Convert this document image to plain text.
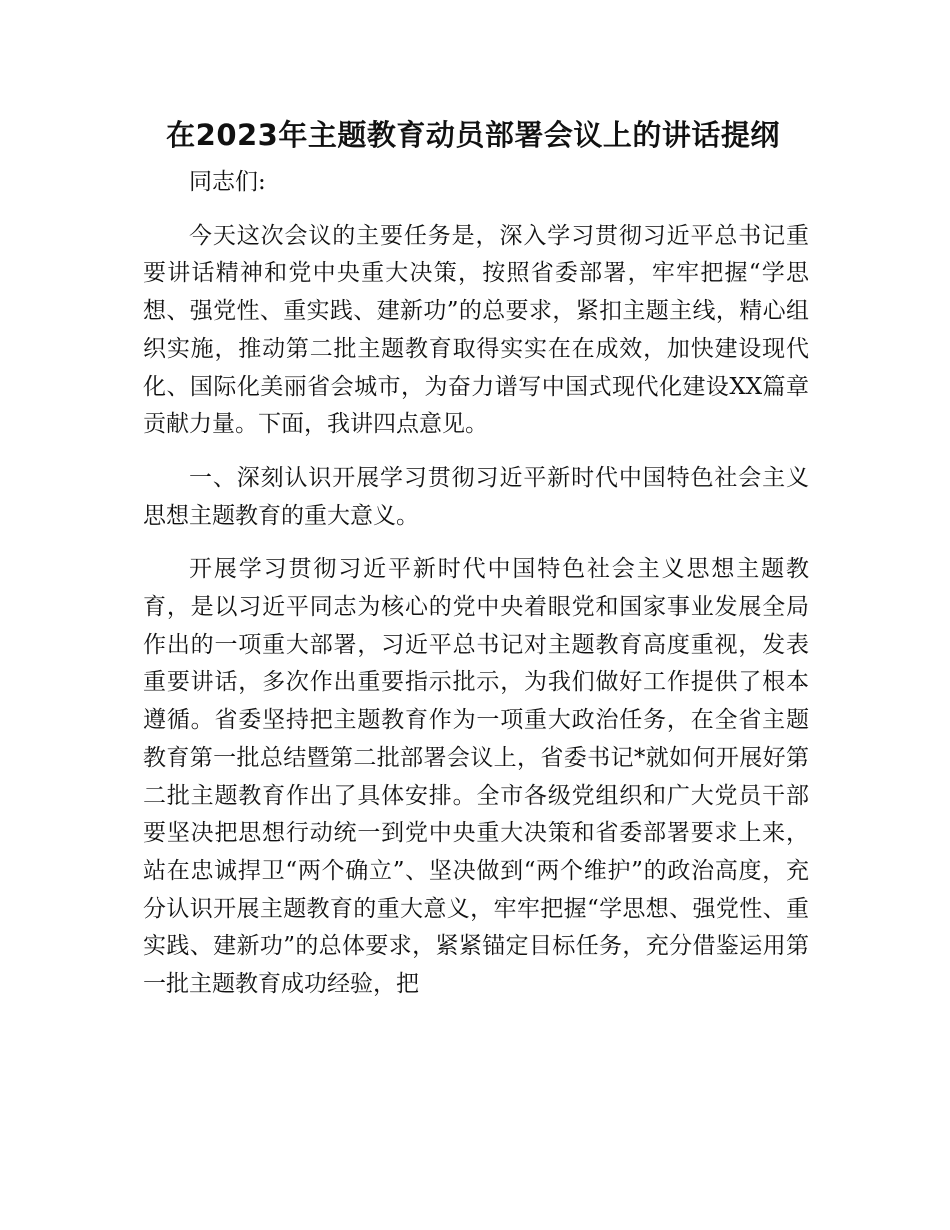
在2023年主题教育动员部署会议上的讲话提纲

同志们:

今天这次会议的主要任务是，深入学习贯彻习近平总书记重要讲话精神和党中央重大决策，按照省委部署，牢牢把握“学思想、强党性、重实践、建新功”的总要求，紧扣主题主线，精心组织实施，推动第二批主题教育取得实实在在成效，加快建设现代化、国际化美丽省会城市，为奋力谱写中国式现代化建设XX篇章贡献力量。下面，我讲四点意见。

一、深刻认识开展学习贯彻习近平新时代中国特色社会主义思想主题教育的重大意义。

开展学习贯彻习近平新时代中国特色社会主义思想主题教育，是以习近平同志为核心的党中央着眼党和国家事业发展全局作出的一项重大部署，习近平总书记对主题教育高度重视，发表重要讲话，多次作出重要指示批示，为我们做好工作提供了根本遵循。省委坚持把主题教育作为一项重大政治任务，在全省主题教育第一批总结暨第二批部署会议上，省委书记*就如何开展好第二批主题教育作出了具体安排。全市各级党组织和广大党员干部要坚决把思想行动统一到党中央重大决策和省委部署要求上来，站在忠诚捍卫“两个确立”、坚决做到“两个维护”的政治高度，充分认识开展主题教育的重大意义，牢牢把握“学思想、强党性、重实践、建新功”的总体要求，紧紧锚定目标任务，充分借鉴运用第一批主题教育成功经验，把
